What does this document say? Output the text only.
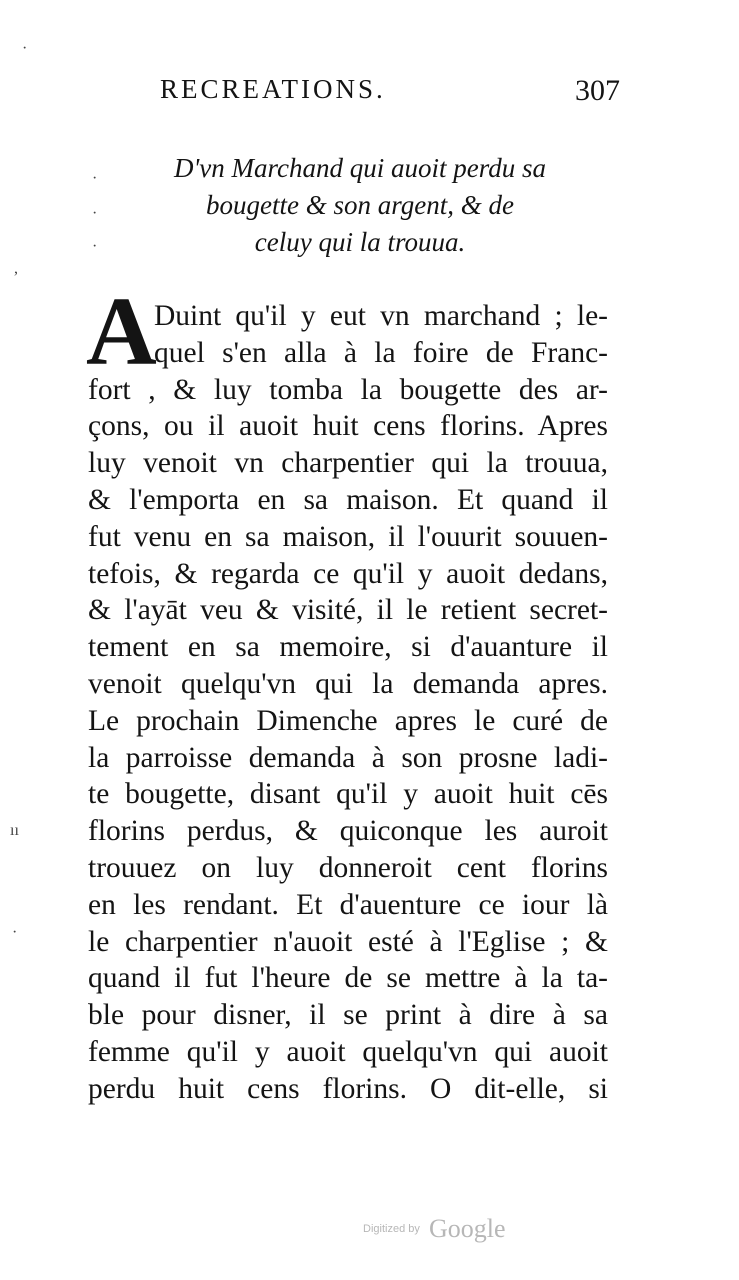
RECREATIONS.	307
D'vn Marchand qui auoit perdu sa
bougette & son argent, & de
celuy qui la trouua.
A
Duint qu'il y eut vn marchand ; le-
quel s'en alla à la foire de Franc-
fort , & luy tomba la bougette des ar-
çons, ou il auoit huit cens florins. Apres
luy venoit vn charpentier qui la trouua,
& l'emporta en sa maison. Et quand il
fut venu en sa maison, il l'ouurit souuen-
tefois, & regarda ce qu'il y auoit dedans,
& l'ayāt veu & visité, il le retient secret-
tement en sa memoire, si d'auanture il
venoit quelqu'vn qui la demanda apres.
Le prochain Dimenche apres le curé de
la parroisse demanda à son prosne ladi-
te bougette, disant qu'il y auoit huit cēs
florins perdus, & quiconque les auroit
trouuez on luy donneroit cent florins
en les rendant. Et d'auenture ce iour là
le charpentier n'auoit esté à l'Eglise ; &
quand il fut l'heure de se mettre à la ta-
ble pour disner, il se print à dire à sa
femme qu'il y auoit quelqu'vn qui auoit
perdu huit cens florins. O dit-elle, si
·
,
·
·
·
ıı
·
Digitized by Google
